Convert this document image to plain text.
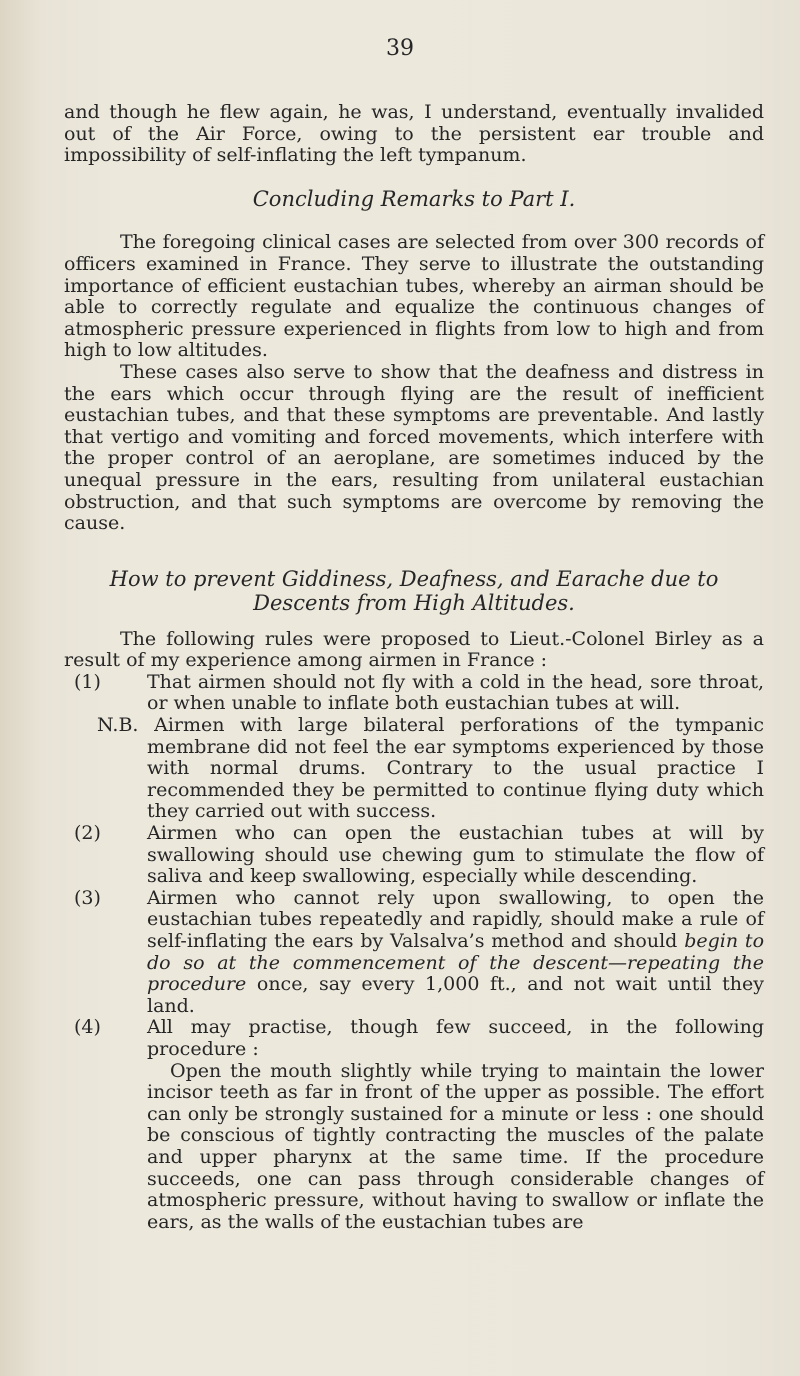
39

and though he flew again, he was, I understand, eventually invalided out of the Air Force, owing to the persistent ear trouble and impossibility of self-inflating the left tympanum.

Concluding Remarks to Part I.

The foregoing clinical cases are selected from over 300 records of officers examined in France. They serve to illustrate the outstanding importance of efficient eustachian tubes, whereby an airman should be able to correctly regulate and equalize the continuous changes of atmospheric pressure experienced in flights from low to high and from high to low altitudes.

These cases also serve to show that the deafness and distress in the ears which occur through flying are the result of inefficient eustachian tubes, and that these symptoms are preventable. And lastly that vertigo and vomiting and forced movements, which interfere with the proper control of an aeroplane, are sometimes induced by the unequal pressure in the ears, resulting from unilateral eustachian obstruction, and that such symptoms are overcome by removing the cause.

How to prevent Giddiness, Deafness, and Earache due to

Descents from High Altitudes.

The following rules were proposed to Lieut.-Colonel Birley as a result of my experience among airmen in France :

(1) That airmen should not fly with a cold in the head, sore throat, or when unable to inflate both eustachian tubes at will.

N.B. Airmen with large bilateral perforations of the tympanic membrane did not feel the ear symptoms experienced by those with normal drums. Contrary to the usual practice I recommended they be permitted to continue flying duty which they carried out with success.

(2) Airmen who can open the eustachian tubes at will by swallowing should use chewing gum to stimulate the flow of saliva and keep swallowing, especially while descending.

(3) Airmen who cannot rely upon swallowing, to open the eustachian tubes repeatedly and rapidly, should make a rule of self-inflating the ears by Valsalva’s method and should begin to do so at the commencement of the descent—repeating the procedure once, say every 1,000 ft., and not wait until they land.

(4) All may practise, though few succeed, in the following procedure :

Open the mouth slightly while trying to maintain the lower incisor teeth as far in front of the upper as possible. The effort can only be strongly sustained for a minute or less : one should be conscious of tightly contracting the muscles of the palate and upper pharynx at the same time. If the procedure succeeds, one can pass through considerable changes of atmospheric pressure, without having to swallow or inflate the ears, as the walls of the eustachian tubes are
